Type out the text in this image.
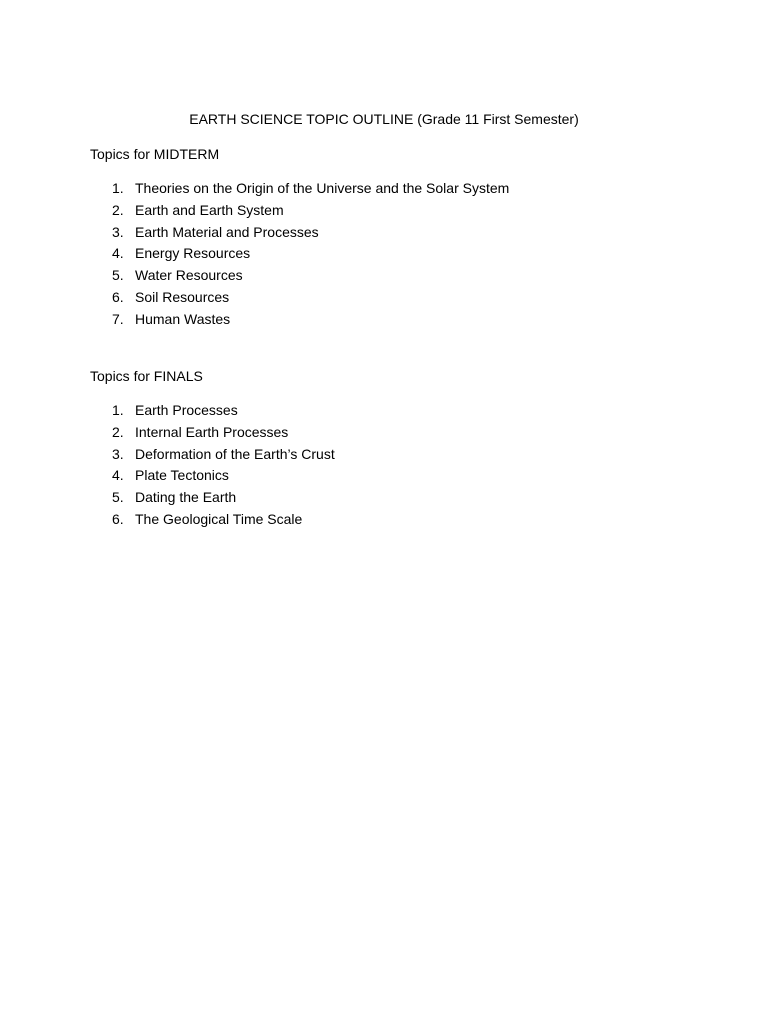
EARTH SCIENCE TOPIC OUTLINE (Grade 11 First Semester)
Topics for MIDTERM
1. Theories on the Origin of the Universe and the Solar System
2. Earth and Earth System
3. Earth Material and Processes
4. Energy Resources
5. Water Resources
6. Soil Resources
7. Human Wastes
Topics for FINALS
1. Earth Processes
2. Internal Earth Processes
3. Deformation of the Earth’s Crust
4. Plate Tectonics
5. Dating the Earth
6. The Geological Time Scale
